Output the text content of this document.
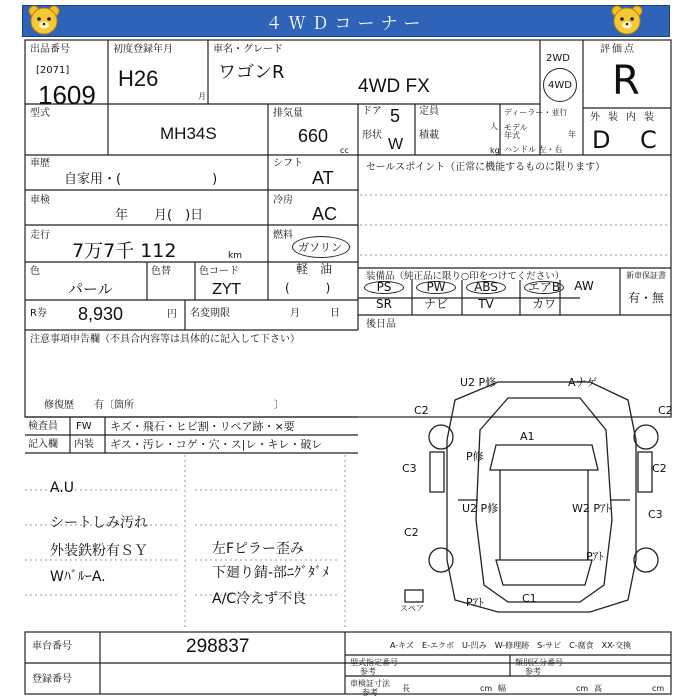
４ＷＤコーナー
出品番号
[2071]
1609
初度登録年月
H26
月
車名・グレード
ワゴンR
4WD FX
2WD
4WD
評価点
R
外装内装
D C
型式
MH34S
排気量
660
cc
ドア 5
形状
W
定員
人
積載
kg
ディーラー・並行
モデル年式	年
ハンドル 左・右
車歴
自家用・(　　　　　　　)
シフト
AT
車検
年　　月(　)日
冷房
AC
走行
7万7千 112	km
燃料
ガソリン
軽　油
(　　　)
色
パール
色替	色コード
ZYT
R券 8,930	円 名変期限	月　　　日
注意事項申告欄（不具合内容等は具体的に記入して下さい）
修復歴　　有〔箇所　　　　　　　　　　　　　　〕
セールスポイント（正常に機能するものに限ります）
装備品（純正品に限り○印をつけてください）	新車保証書
有・無
後日品
PS	PW	ABS	エアB	AW
SR	ナビ	TV	カワ
検査員
記入欄
FW キズ・飛石・ヒビ割・リペア跡・×要
内装 ギス・汚レ・コゲ・穴・ス|レ・キレ・破レ
A.U
シートしみ汚れ
外装鉄粉有ＳＹ
WﾊﾞﾙｰA.
左Fピラー歪み
下廻り錆-部ﾆｸﾞﾀﾞﾒ
A/C冷えず不良
U2 P修	Aナゲ
C2	C2
A1
C3
P修
C2
C3
U2 P修	W2 Pｱﾄ
C2
Pｱﾄ
Pｱﾄ	C1
スペア
車台番号	298837
登録番号
A-キズ　E-エクボ　U-凹み　W-修理跡　S-サビ　C-腐食　XX-交換
型式指定番号
参考
類別区分番号
参考
車検証寸法
参考	長	cm 幅	cm 高	cm
